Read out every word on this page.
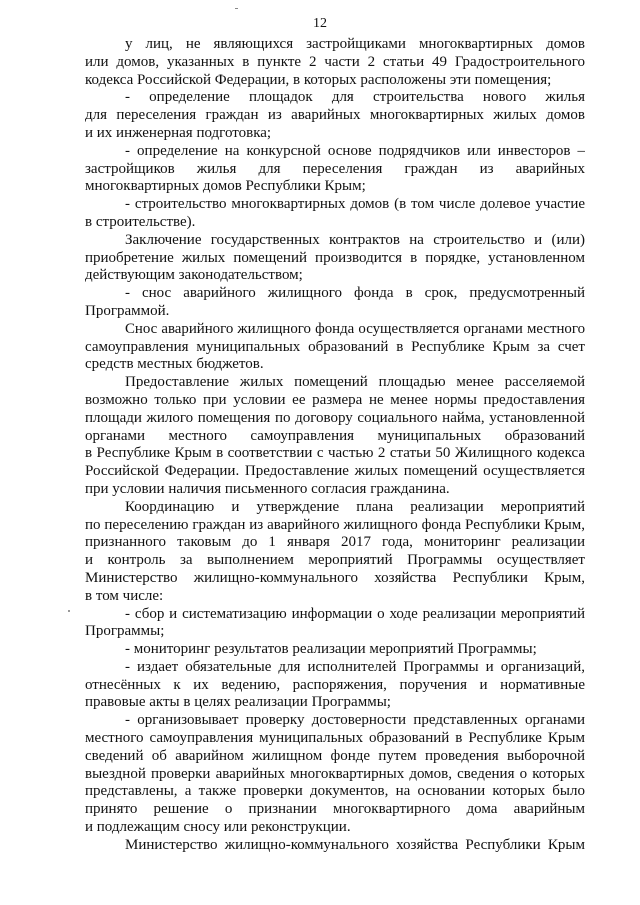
12
у лиц, не являющихся застройщиками многоквартирных домов
или домов, указанных в пункте 2 части 2 статьи 49 Градостроительного
кодекса Российской Федерации, в которых расположены эти помещения;
- определение площадок для строительства нового жилья
для переселения граждан из аварийных многоквартирных жилых домов
и их инженерная подготовка;
- определение на конкурсной основе подрядчиков или инвесторов –
застройщиков жилья для переселения граждан из аварийных
многоквартирных домов Республики Крым;
- строительство многоквартирных домов (в том числе долевое участие
в строительстве).
Заключение государственных контрактов на строительство и (или)
приобретение жилых помещений производится в порядке, установленном
действующим законодательством;
- снос аварийного жилищного фонда в срок, предусмотренный
Программой.
Снос аварийного жилищного фонда осуществляется органами местного
самоуправления муниципальных образований в Республике Крым за счет
средств местных бюджетов.
Предоставление жилых помещений площадью менее расселяемой
возможно только при условии ее размера не менее нормы предоставления
площади жилого помещения по договору социального найма, установленной
органами местного самоуправления муниципальных образований
в Республике Крым в соответствии с частью 2 статьи 50 Жилищного кодекса
Российской Федерации. Предоставление жилых помещений осуществляется
при условии наличия письменного согласия гражданина.
Координацию и утверждение плана реализации мероприятий
по переселению граждан из аварийного жилищного фонда Республики Крым,
признанного таковым до 1 января 2017 года, мониторинг реализации
и контроль за выполнением мероприятий Программы осуществляет
Министерство жилищно-коммунального хозяйства Республики Крым,
в том числе:
- сбор и систематизацию информации о ходе реализации мероприятий
Программы;
- мониторинг результатов реализации мероприятий Программы;
- издает обязательные для исполнителей Программы и организаций,
отнесённых к их ведению, распоряжения, поручения и нормативные
правовые акты в целях реализации Программы;
- организовывает проверку достоверности представленных органами
местного самоуправления муниципальных образований в Республике Крым
сведений об аварийном жилищном фонде путем проведения выборочной
выездной проверки аварийных многоквартирных домов, сведения о которых
представлены, а также проверки документов, на основании которых было
принято решение о признании многоквартирного дома аварийным
и подлежащим сносу или реконструкции.
Министерство жилищно-коммунального хозяйства Республики Крым
